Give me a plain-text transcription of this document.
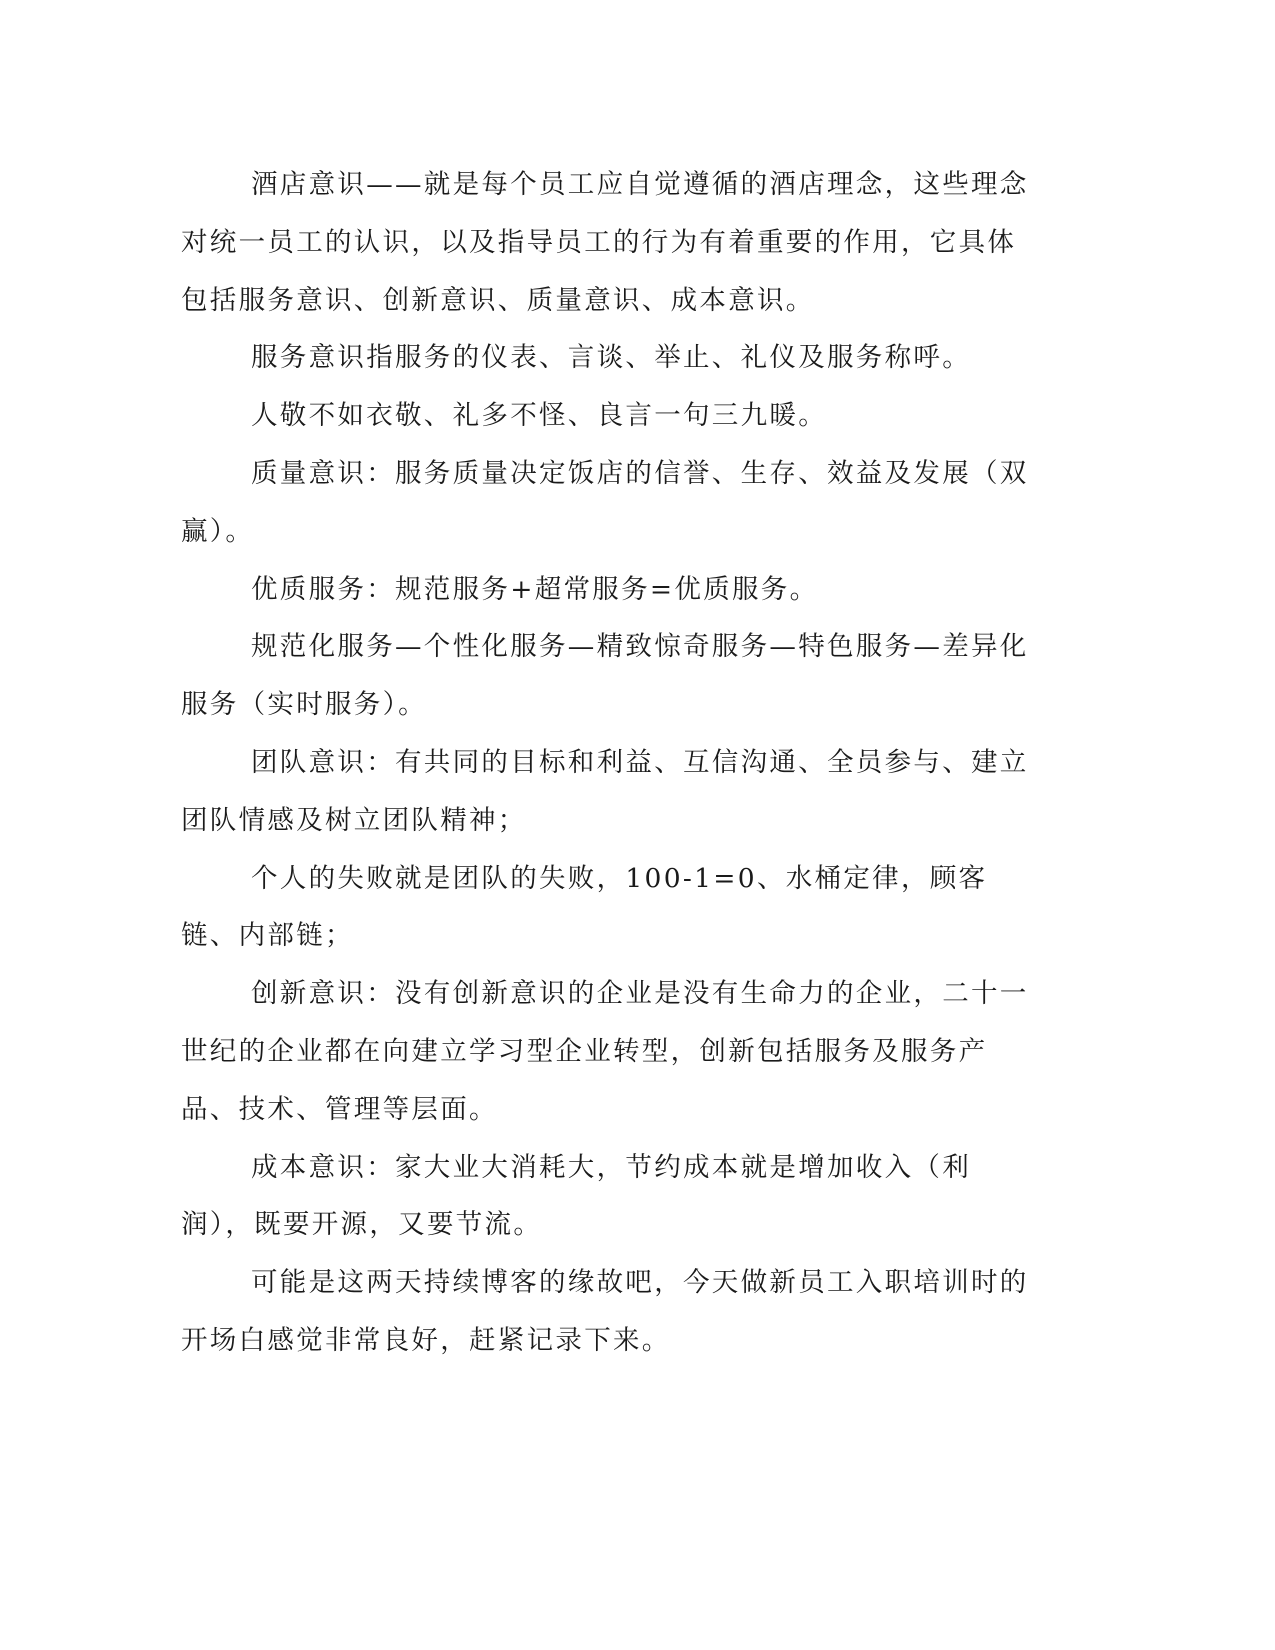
酒店意识——就是每个员工应自觉遵循的酒店理念，这些理念对统一员工的认识，以及指导员工的行为有着重要的作用，它具体包括服务意识、创新意识、质量意识、成本意识。

服务意识指服务的仪表、言谈、举止、礼仪及服务称呼。

人敬不如衣敬、礼多不怪、良言一句三九暖。

质量意识：服务质量决定饭店的信誉、生存、效益及发展（双赢）。

优质服务：规范服务+超常服务=优质服务。

规范化服务—个性化服务—精致惊奇服务—特色服务—差异化服务（实时服务）。

团队意识：有共同的目标和利益、互信沟通、全员参与、建立团队情感及树立团队精神；

个人的失败就是团队的失败，100-1=0、水桶定律，顾客链、内部链；

创新意识：没有创新意识的企业是没有生命力的企业，二十一世纪的企业都在向建立学习型企业转型，创新包括服务及服务产品、技术、管理等层面。

成本意识：家大业大消耗大，节约成本就是增加收入（利润），既要开源，又要节流。

可能是这两天持续博客的缘故吧，今天做新员工入职培训时的开场白感觉非常良好，赶紧记录下来。
